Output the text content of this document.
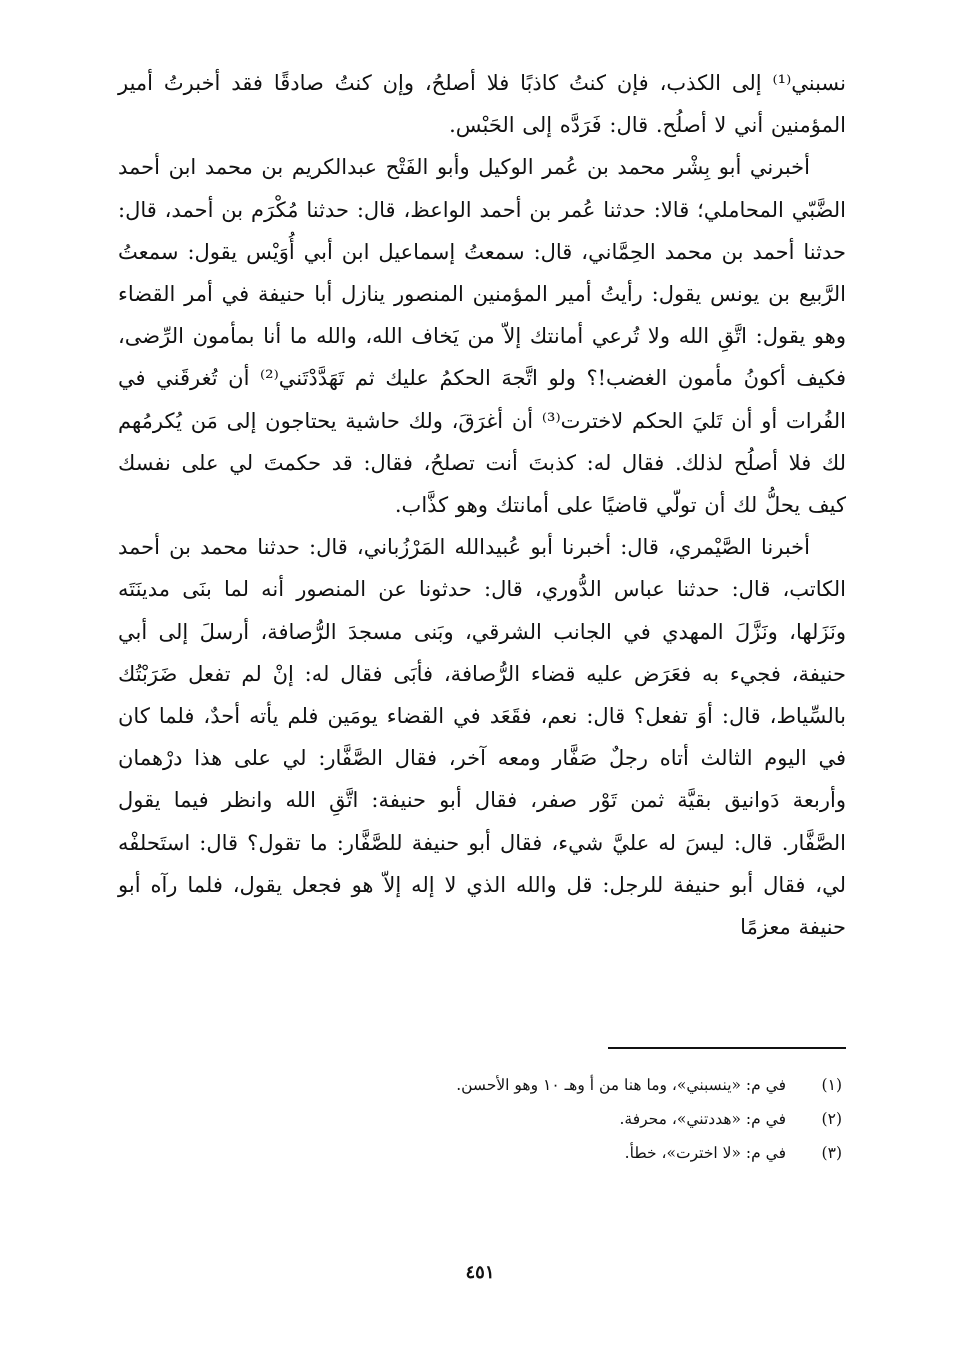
نسبني⁽¹⁾ إلى الكذب، فإن كنتُ كاذبًا فلا أصلحُ، وإن كنتُ صادقًا فقد أخبرتُ أمير المؤمنين أني لا أصلُح. قال: فَرَدَّه إلى الحَبْس.

أخبرني أبو بِشْر محمد بن عُمر الوكيل وأبو الفَتْح عبدالكريم بن محمد ابن أحمد الضَّبّي المحاملي؛ قالا: حدثنا عُمر بن أحمد الواعظ، قال: حدثنا مُكْرَم بن أحمد، قال: حدثنا أحمد بن محمد الحِمَّاني، قال: سمعتُ إسماعيل ابن أبي أُوَيْس يقول: سمعتُ الرَّبيع بن يونس يقول: رأيتُ أمير المؤمنين المنصور ينازل أبا حنيفة في أمر القضاء وهو يقول: اتَّقِ الله ولا تُرعي أمانتك إلاّ من يَخاف الله، والله ما أنا بمأمون الرِّضى، فكيف أكونُ مأمون الغضب!؟ ولو اتَّجهَ الحكمُ عليك ثم تَهَدَّدْتَني⁽²⁾ أن تُغرقَني في الفُرات أو أن تَليَ الحكم لاخترت⁽³⁾ أن أغرَقَ، ولك حاشية يحتاجون إلى مَن يُكرمُهم لك فلا أصلُح لذلك. فقال له: كذبتَ أنت تصلحُ، فقال: قد حكمتَ لي على نفسك كيف يحلُّ لك أن تولّي قاضيًا على أمانتك وهو كذَّاب.

أخبرنا الصَّيْمري، قال: أخبرنا أبو عُبيدالله المَرْزُباني، قال: حدثنا محمد بن أحمد الكاتب، قال: حدثنا عباس الدُّوري، قال: حدثونا عن المنصور أنه لما بنَى مدينَتَه ونَزَلها، ونَزَّلَ المهدي في الجانب الشرقي، وبَنى مسجدَ الرُّصافة، أرسلَ إلى أبي حنيفة، فجيء به فعَرَض عليه قضاء الرُّصافة، فأبَى فقال له: إنْ لم تفعل ضَرَبْتُك بالسِّياط، قال: أوَ تفعل؟ قال: نعم، فقَعَد في القضاء يومَين فلم يأته أحدٌ، فلما كان في اليوم الثالث أتاه رجلٌ صَفَّار ومعه آخر، فقال الصَّفَّار: لي على هذا درْهمان وأربعة دَوانيق بقيَّة ثمن تَوْر صفر، فقال أبو حنيفة: اتَّقِ الله وانظر فيما يقول الصَّفَّار. قال: ليسَ له عليَّ شيء، فقال أبو حنيفة للصَّفَّار: ما تقول؟ قال: استَحلفْه لي، فقال أبو حنيفة للرجل: قل والله الذي لا إله إلاّ هو فجعل يقول، فلما رآه أبو حنيفة معزمًا

(١)في م: «ينسبني»، وما هنا من أ وهـ ١٠ وهو الأحسن.

(٢)في م: «هددتني»، محرفة.

(٣)في م: «لا اخترت»، خطأ.

٤٥١
